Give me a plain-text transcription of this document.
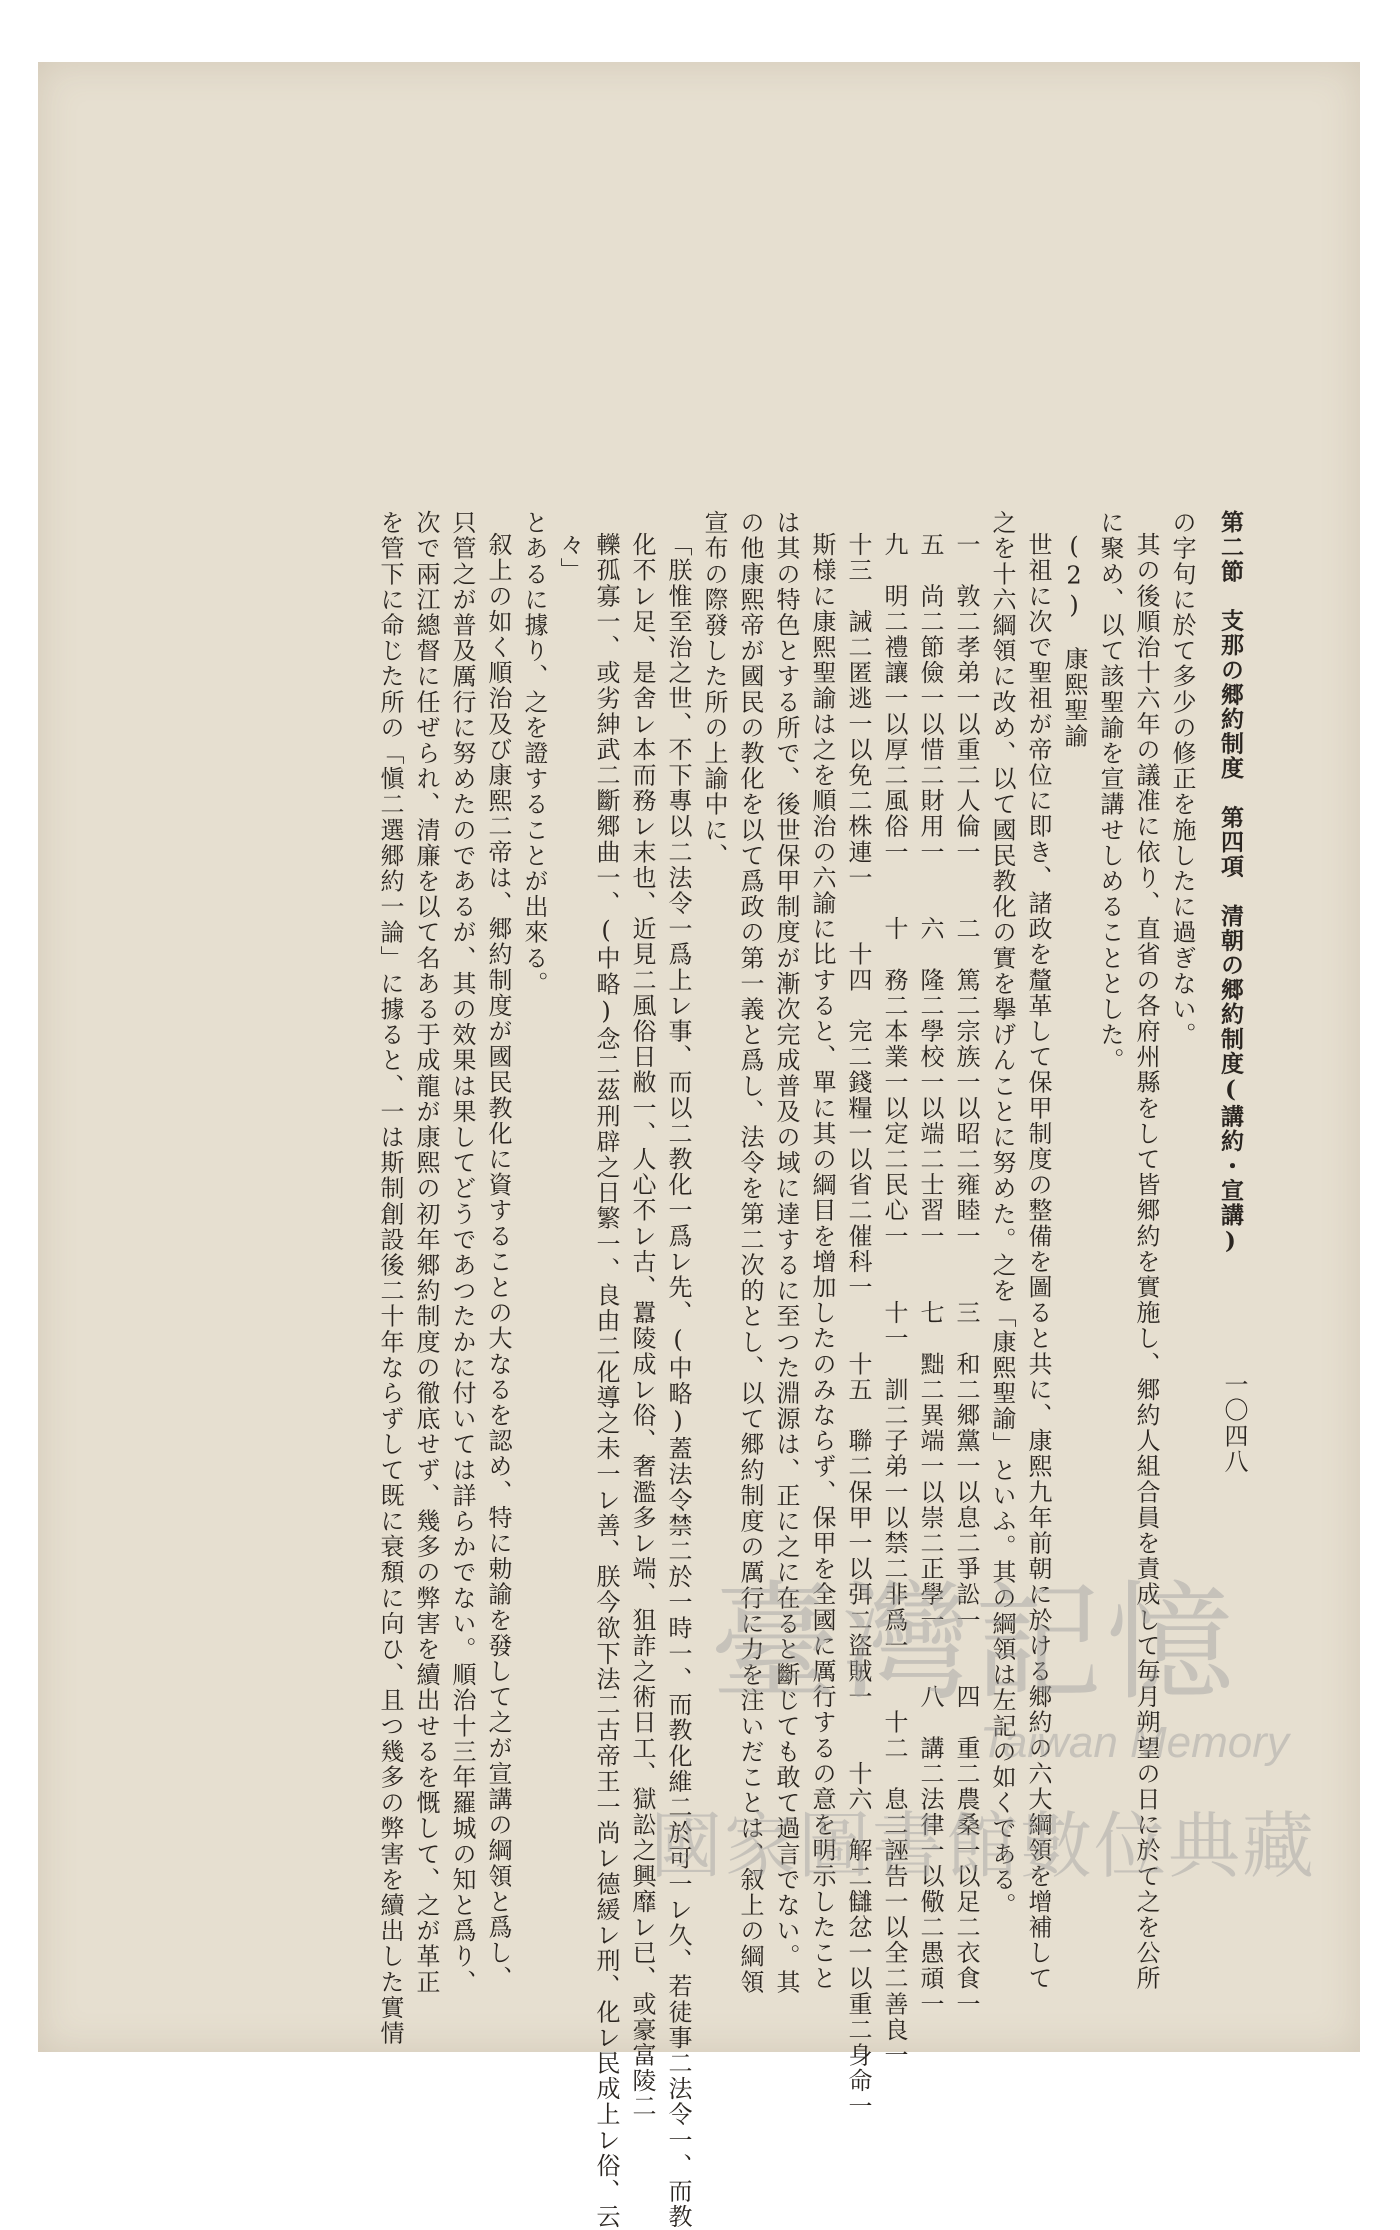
第二節　支那の郷約制度　第四項　清朝の郷約制度(講約・宣講)
一〇四八
の字句に於て多少の修正を施したに過ぎない。
其の後順治十六年の議准に依り、直省の各府州縣をして皆郷約を實施し、郷約人組合員を責成して毎月朔望の日に於て之を公所
に聚め、以て該聖諭を宣講せしめることとした。
(2)　康熙聖諭
世祖に次で聖祖が帝位に即き、諸政を釐革して保甲制度の整備を圖ると共に、康熙九年前朝に於ける郷約の六大綱領を增補して
之を十六綱領に改め、以て國民教化の實を擧げんことに努めた。之を「康熙聖諭」といふ。其の綱領は左記の如くである。
一　敦二孝弟一以重二人倫一　　二　篤二宗族一以昭二雍睦一　　三　和二郷黨一以息二爭訟一　　四　重二農桑一以足二衣食一
五　尚二節儉一以惜二財用一　　六　隆二學校一以端二士習一　　七　黜二異端一以崇二正學一　　八　講二法律一以儆二愚頑一
九　明二禮讓一以厚二風俗一　　十　務二本業一以定二民心一　　十一　訓二子弟一以禁二非爲一　　十二　息二誣告一以全二善良一
十三　誡二匿逃一以免二株連一　　十四　完二錢糧一以省二催科一　　十五　聯二保甲一以弭二盜賊一　　十六　解二讎忿一以重二身命一
斯様に康熙聖諭は之を順治の六諭に比すると、單に其の綱目を增加したのみならず、保甲を全國に厲行するの意を明示したこと
は其の特色とする所で、後世保甲制度が漸次完成普及の域に達するに至つた淵源は、正に之に在ると斷じても敢て過言でない。其
の他康熙帝が國民の教化を以て爲政の第一義と爲し、法令を第二次的とし、以て郷約制度の厲行に力を注いだことは、叙上の綱領
宣布の際發した所の上諭中に、
「朕惟至治之世、不下專以二法令一爲上レ事、而以二教化一爲レ先、(中略)蓋法令禁二於一時一、而教化維二於可一レ久、若徒事二法令一、而教
化不レ足、是舍レ本而務レ末也、近見二風俗日敝一、人心不レ古、囂陵成レ俗、奢濫多レ端、狙詐之術日工、獄訟之興靡レ已、或豪富陵二
轢孤寡一、或劣紳武二斷郷曲一、(中略)念二茲刑辟之日繁一、良由二化導之未一レ善、朕今欲下法二古帝王一尚レ德緩レ刑、化レ民成上レ俗、云
々」
とあるに據り、之を證することが出來る。
叙上の如く順治及び康熙二帝は、郷約制度が國民教化に資することの大なるを認め、特に勅諭を發して之が宣講の綱領と爲し、
只管之が普及厲行に努めたのであるが、其の效果は果してどうであつたかに付いては詳らかでない。順治十三年羅城の知と爲り、
次で兩江總督に任ぜられ、清廉を以て名ある于成龍が康熙の初年郷約制度の徹底せず、幾多の弊害を續出せるを慨して、之が革正
を管下に命じた所の「愼二選郷約一論」に據ると、一は斯制創設後二十年ならずして既に衰頽に向ひ、且つ幾多の弊害を續出した實情 臺灣記憶
Taiwan Memory
國家圖書館數位典藏
